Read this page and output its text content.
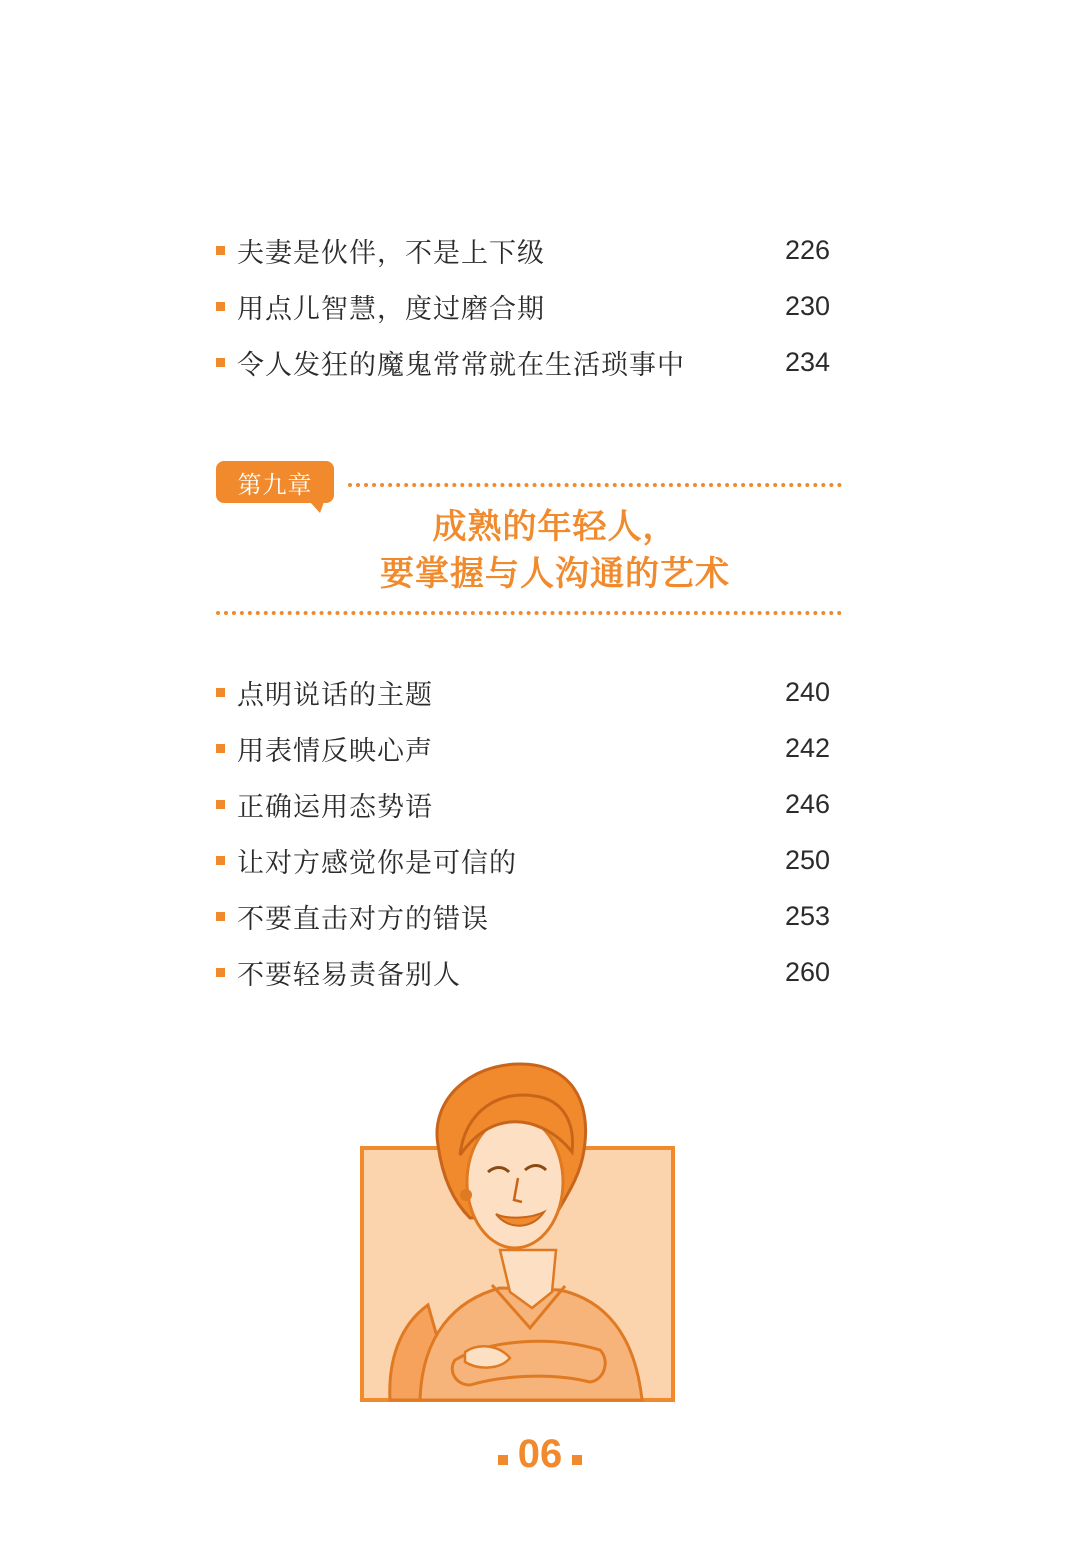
夫妻是伙伴，不是上下级	226
用点儿智慧，度过磨合期	230
令人发狂的魔鬼常常就在生活琐事中	234
第九章
成熟的年轻人，
要掌握与人沟通的艺术
点明说话的主题	240
用表情反映心声	242
正确运用态势语	246
让对方感觉你是可信的	250
不要直击对方的错误	253
不要轻易责备别人	260
06
